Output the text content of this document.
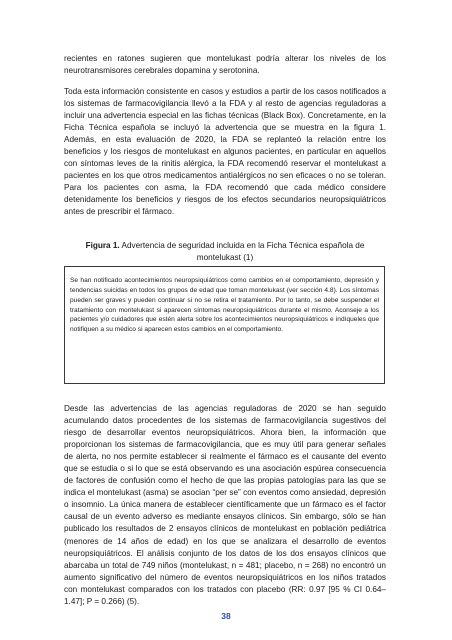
recientes en ratones sugieren que montelukast podría alterar los niveles de los neurotransmisores cerebrales dopamina y serotonina.

Toda esta información consistente en casos y estudios a partir de los casos notificados a los sistemas de farmacovigilancia llevó a la FDA y al resto de agencias reguladoras a incluir una advertencia especial en las fichas técnicas (Black Box). Concretamente, en la Ficha Técnica española se incluyó la advertencia que se muestra en la figura 1. Además, en esta evaluación de 2020, la FDA se replanteó la relación entre los beneficios y los riesgos de montelukast en algunos pacientes, en particular en aquellos con síntomas leves de la rinitis alérgica, la FDA recomendó reservar el montelukast a pacientes en los que otros medicamentos antialérgicos no sen eficaces o no se toleran. Para los pacientes con asma, la FDA recomendó que cada médico considere detenidamente los beneficios y riesgos de los efectos secundarios neuropsiquiátricos antes de prescribir el fármaco.

Figura 1. Advertencia de seguridad incluida en la Ficha Técnica española de montelukast (1)

Se han notificado acontecimientos neuropsiquiátricos como cambios en el comportamiento, depresión y tendencias suicidas en todos los grupos de edad que toman montelukast (ver sección 4.8). Los síntomas pueden ser graves y pueden continuar si no se retira el tratamiento. Por lo tanto, se debe suspender el tratamiento con montelukast si aparecen síntomas neuropsiquiátricos durante el mismo. Aconseje a los pacientes y/o cuidadores que estén alerta sobre los acontecimientos neuropsiquiátricos e indíqueles que notifiquen a su médico si aparecen estos cambios en el comportamiento.

Desde las advertencias de las agencias reguladoras de 2020 se han seguido acumulando datos procedentes de los sistemas de farmacovigilancia sugestivos del riesgo de desarrollar eventos neuropsiquiátricos. Ahora bien, la información que proporcionan los sistemas de farmacovigilancia, que es muy útil para generar señales de alerta, no nos permite establecer si realmente el fármaco es el causante del evento que se estudia o si lo que se está observando es una asociación espúrea consecuencia de factores de confusión como el hecho de que las propias patologías para las que se indica el montelukast (asma) se asocian “per se” con eventos como ansiedad, depresión o insomnio. La única manera de establecer científicamente que un fármaco es el factor causal de un evento adverso es mediante ensayos clínicos. Sin embargo, sólo se han publicado los resultados de 2 ensayos clínicos de montelukast en población pediátrica (menores de 14 años de edad) en los que se analizara el desarrollo de eventos neuropsiquiátricos. El análisis conjunto de los datos de los dos ensayos clínicos que abarcaba un total de 749 niños (montelukast, n = 481; placebo, n = 268) no encontró un aumento significativo del número de eventos neuropsiquiátricos en los niños tratados con montelukast comparados con los tratados con placebo (RR: 0.97 [95 % CI 0.64–1.47]; P = 0.266) (5).

38
